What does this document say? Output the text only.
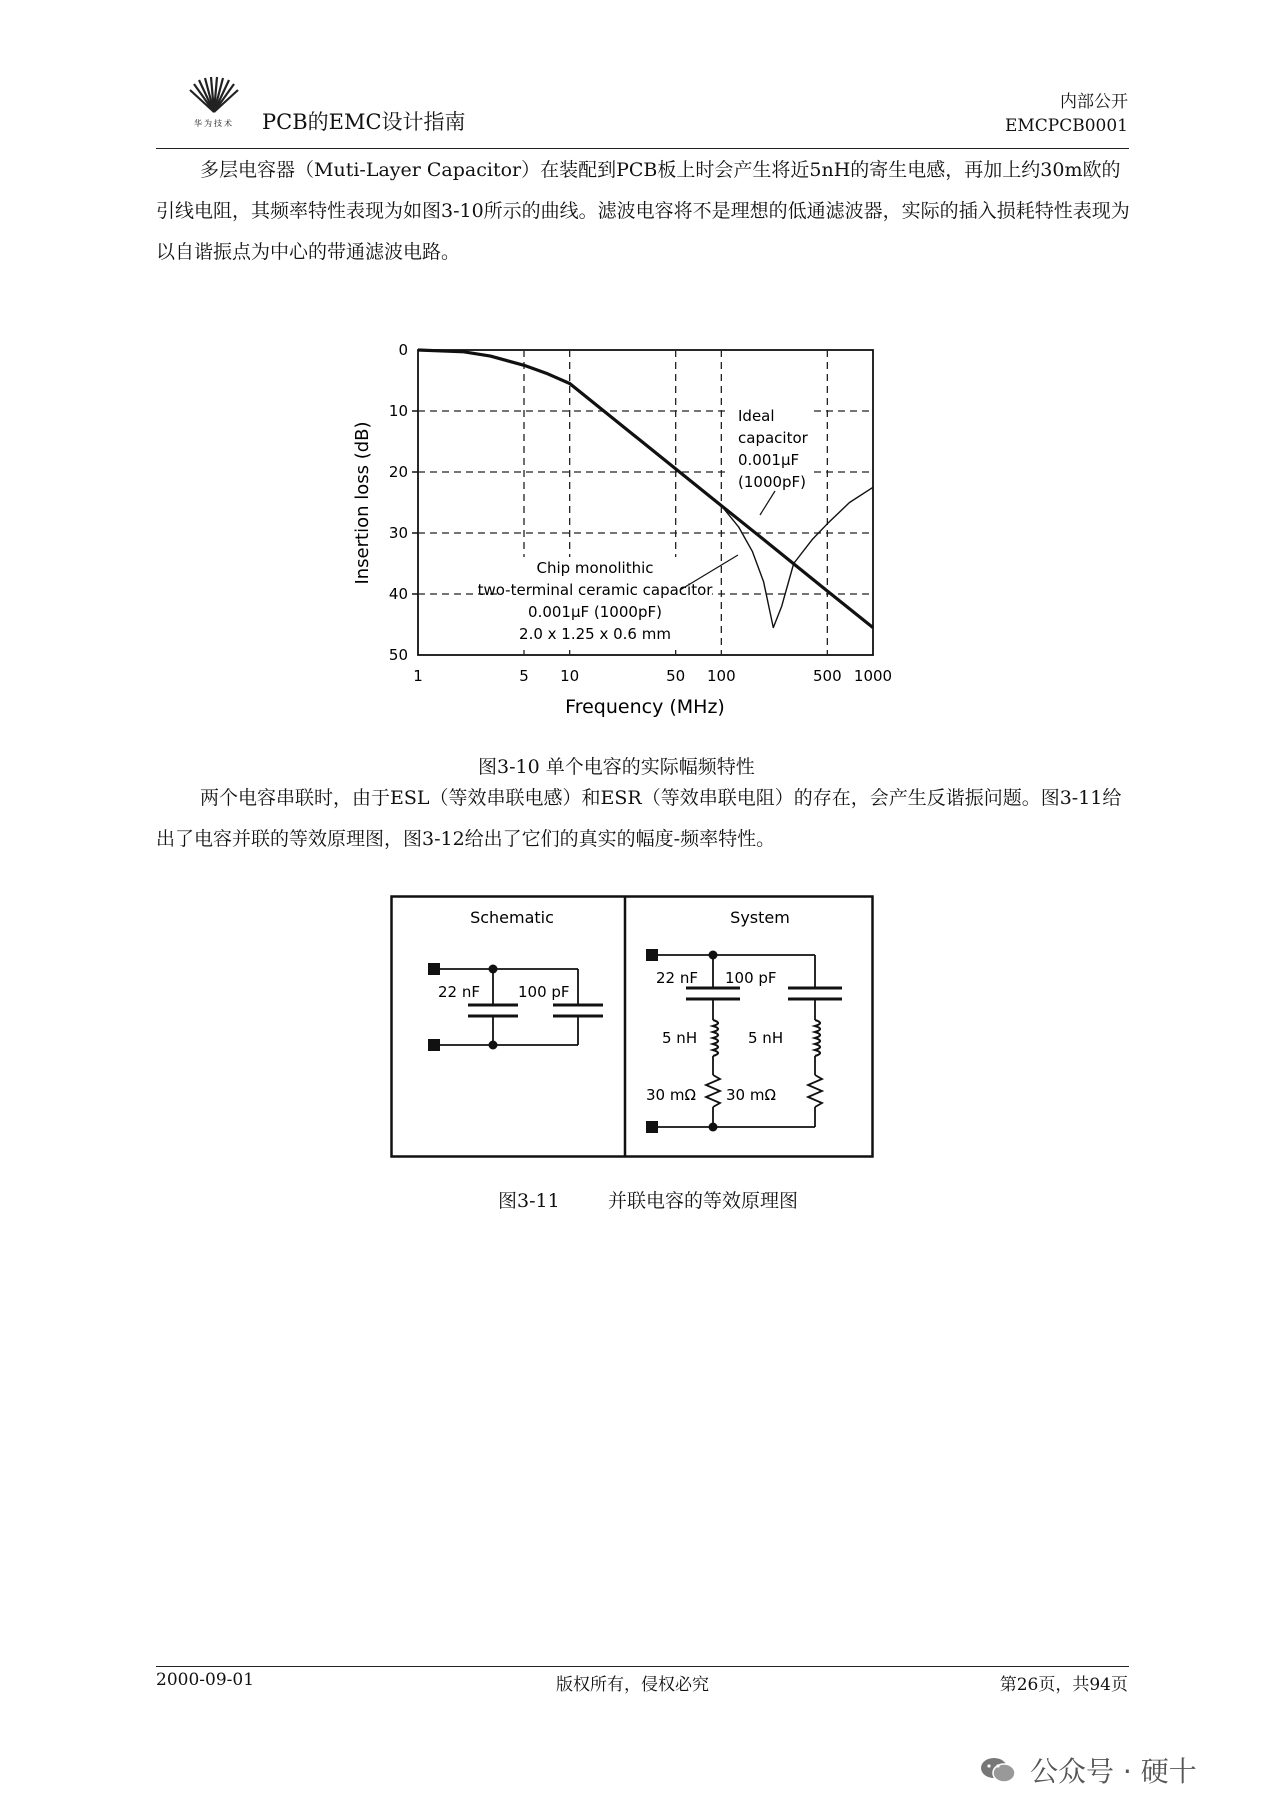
华为技术	PCB的EMC设计指南
内部公开
EMCPCB0001

多层电容器（Muti-Layer Capacitor）在装配到PCB板上时会产生将近5nH的寄生电感，再加上约30m欧的引线电阻，其频率特性表现为如图3-10所示的曲线。滤波电容将不是理想的低通滤波器，实际的插入损耗特性表现为以自谐振点为中心的带通滤波电路。

1	5 10	50 100	500 1000
0
10
20
30
40
50
Frequency (MHz)
Insertion loss (dB)
Ideal
capacitor
0.001μF
(1000pF)
Chip monolithic
two-terminal ceramic capacitor
0.001μF (1000pF)
2.0 x 1.25 x 0.6 mm
图3-10 单个电容的实际幅频特性

两个电容串联时，由于ESL（等效串联电感）和ESR（等效串联电阻）的存在，会产生反谐振问题。图3-11给出了电容并联的等效原理图，图3-12给出了它们的真实的幅度-频率特性。

Schematic	System
22 nF	100 pF
22 nF 100 pF
5 nH	5 nH
30 mΩ 30 mΩ
图3-11	并联电容的等效原理图
2000-09-01	版权所有，侵权必究	第26页，共94页
公众号 · 硬十
